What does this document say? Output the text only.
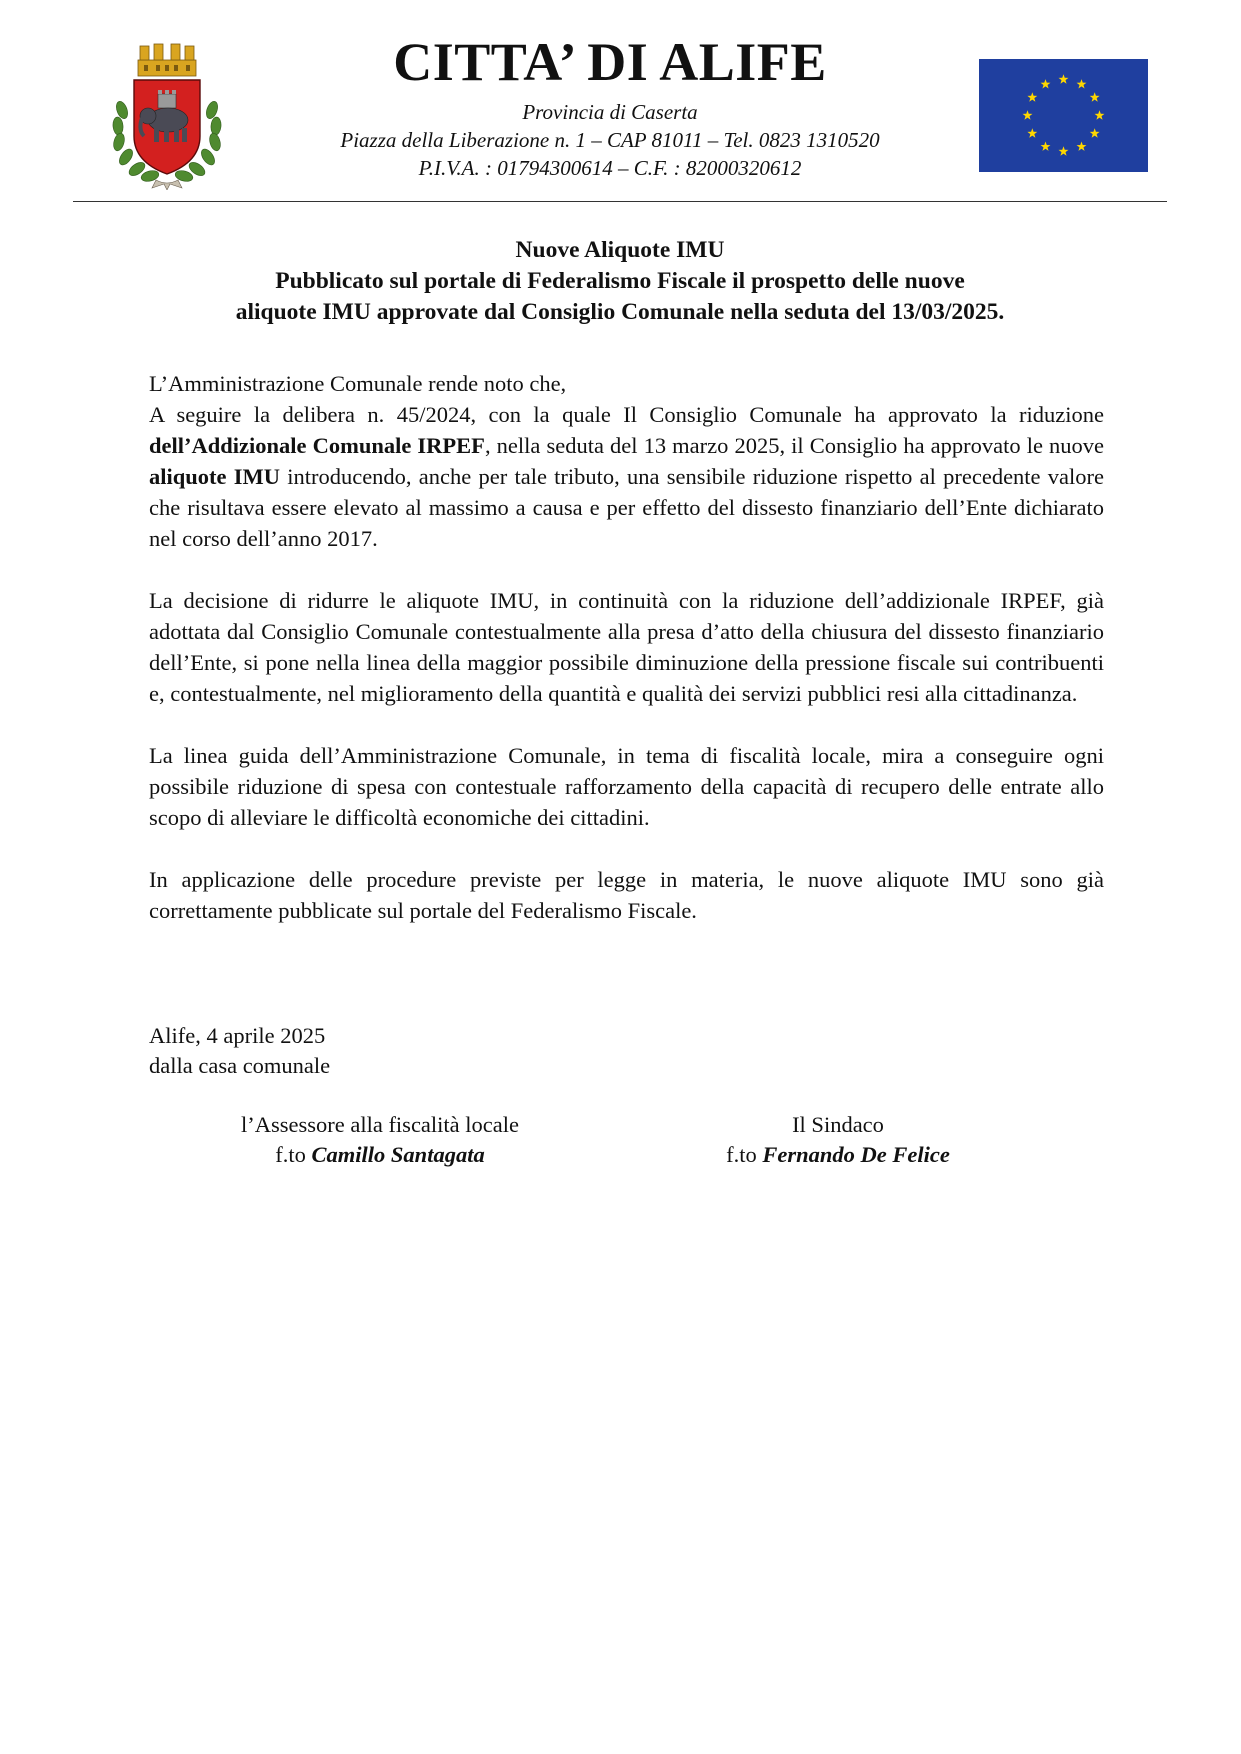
CITTA’ DI ALIFE
Provincia di Caserta
Piazza della Liberazione n. 1 – CAP 81011 – Tel. 0823 1310520
P.I.V.A. : 01794300614 – C.F. : 82000320612
Nuove Aliquote IMU
Pubblicato sul portale di Federalismo Fiscale il prospetto delle nuove
aliquote IMU approvate dal Consiglio Comunale nella seduta del 13/03/2025.

L’Amministrazione Comunale rende noto che,

A seguire la delibera n. 45/2024, con la quale Il Consiglio Comunale ha approvato la riduzione dell’Addizionale Comunale IRPEF, nella seduta del 13 marzo 2025, il Consiglio ha approvato le nuove aliquote IMU introducendo, anche per tale tributo, una sensibile riduzione rispetto al precedente valore che risultava essere elevato al massimo a causa e per effetto del dissesto finanziario dell’Ente dichiarato nel corso dell’anno 2017.

La decisione di ridurre le aliquote IMU, in continuità con la riduzione dell’addizionale IRPEF, già adottata dal Consiglio Comunale contestualmente alla presa d’atto della chiusura del dissesto finanziario dell’Ente, si pone nella linea della maggior possibile diminuzione della pressione fiscale sui contribuenti e, contestualmente, nel miglioramento della quantità e qualità dei servizi pubblici resi alla cittadinanza.

La linea guida dell’Amministrazione Comunale, in tema di fiscalità locale, mira a conseguire ogni possibile riduzione di spesa con contestuale rafforzamento della capacità di recupero delle entrate allo scopo di alleviare le difficoltà economiche dei cittadini.

In applicazione delle procedure previste per legge in materia, le nuove aliquote IMU sono già correttamente pubblicate sul portale del Federalismo Fiscale.

Alife, 4 aprile 2025
dalla casa comunale
l’Assessore alla fiscalità locale
f.to Camillo Santagata
Il Sindaco
f.to Fernando De Felice
